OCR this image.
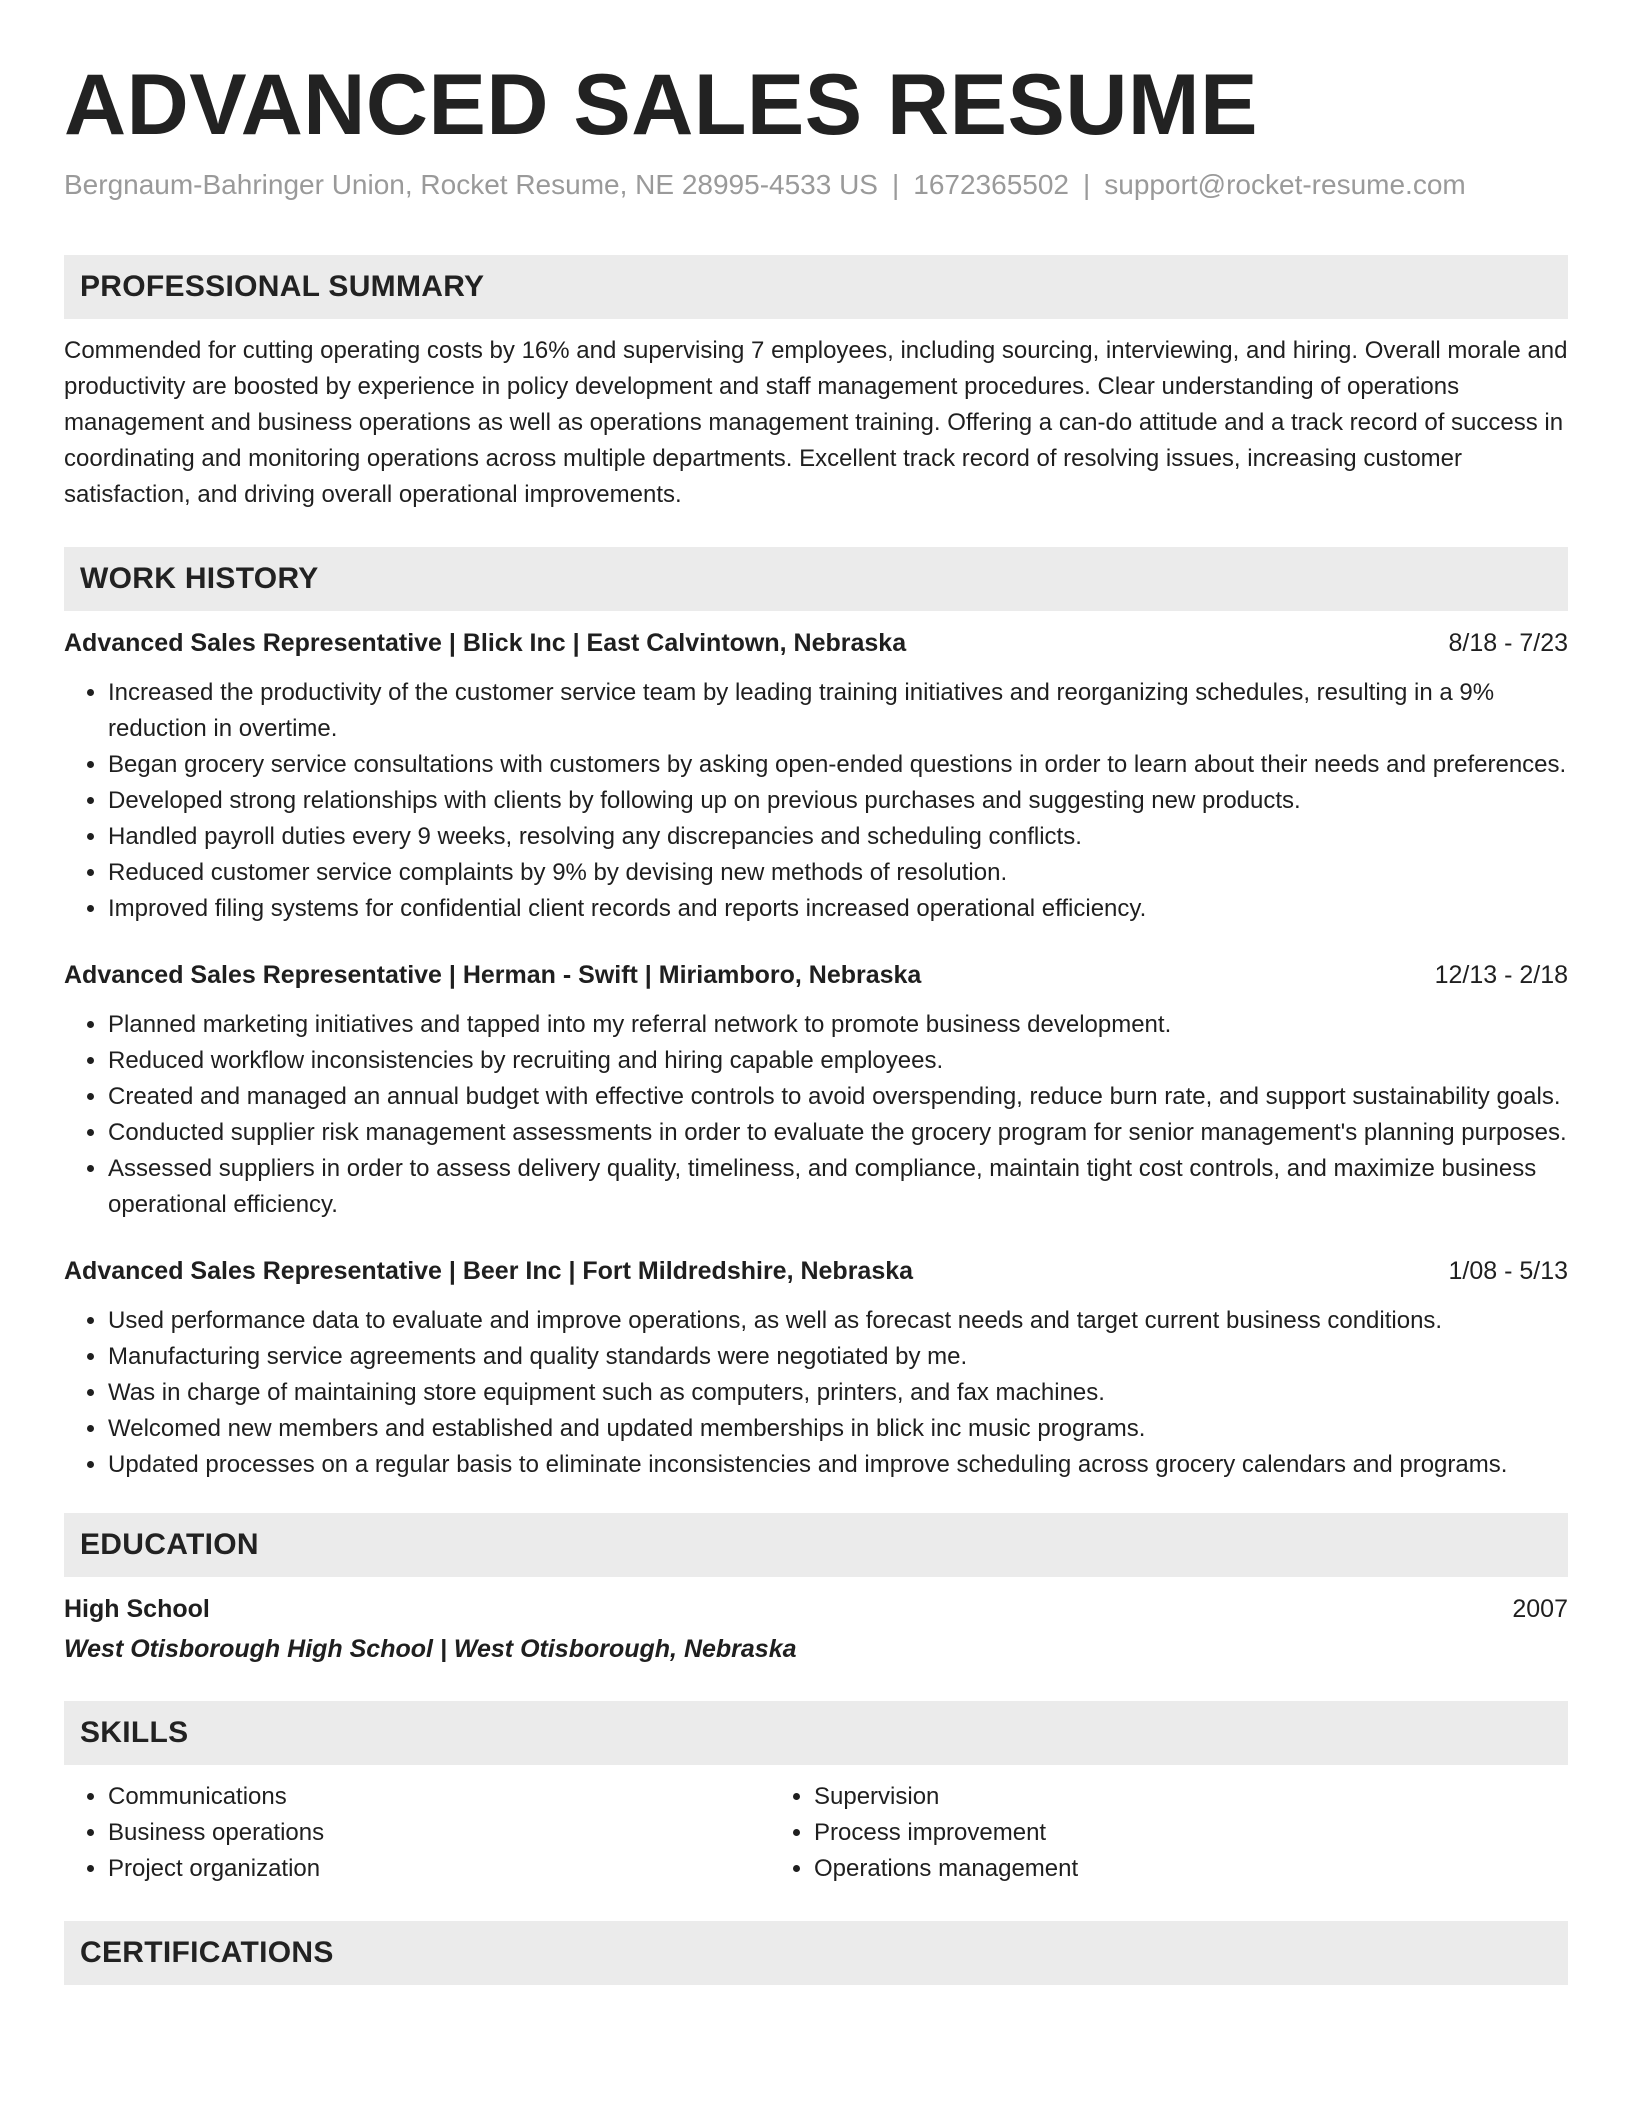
ADVANCED SALES RESUME
Bergnaum-Bahringer Union, Rocket Resume, NE 28995-4533 US | 1672365502 | support@rocket-resume.com
PROFESSIONAL SUMMARY

Commended for cutting operating costs by 16% and supervising 7 employees, including sourcing, interviewing, and hiring. Overall morale and productivity are boosted by experience in policy development and staff management procedures. Clear understanding of operations management and business operations as well as operations management training. Offering a can-do attitude and a track record of success in coordinating and monitoring operations across multiple departments. Excellent track record of resolving issues, increasing customer satisfaction, and driving overall operational improvements.

WORK HISTORY
Advanced Sales Representative | Blick Inc | East Calvintown, Nebraska	8/18 - 7/23
• Increased the productivity of the customer service team by leading training initiatives and reorganizing schedules, resulting in a 9% reduction in overtime.
• Began grocery service consultations with customers by asking open-ended questions in order to learn about their needs and preferences.
• Developed strong relationships with clients by following up on previous purchases and suggesting new products.
• Handled payroll duties every 9 weeks, resolving any discrepancies and scheduling conflicts.
• Reduced customer service complaints by 9% by devising new methods of resolution.
• Improved filing systems for confidential client records and reports increased operational efficiency.
Advanced Sales Representative | Herman - Swift | Miriamboro, Nebraska	12/13 - 2/18
• Planned marketing initiatives and tapped into my referral network to promote business development.
• Reduced workflow inconsistencies by recruiting and hiring capable employees.
• Created and managed an annual budget with effective controls to avoid overspending, reduce burn rate, and support sustainability goals.
• Conducted supplier risk management assessments in order to evaluate the grocery program for senior management's planning purposes.
• Assessed suppliers in order to assess delivery quality, timeliness, and compliance, maintain tight cost controls, and maximize business operational efficiency.
Advanced Sales Representative | Beer Inc | Fort Mildredshire, Nebraska	1/08 - 5/13
• Used performance data to evaluate and improve operations, as well as forecast needs and target current business conditions.
• Manufacturing service agreements and quality standards were negotiated by me.
• Was in charge of maintaining store equipment such as computers, printers, and fax machines.
• Welcomed new members and established and updated memberships in blick inc music programs.
• Updated processes on a regular basis to eliminate inconsistencies and improve scheduling across grocery calendars and programs.
EDUCATION
High School	2007
West Otisborough High School | West Otisborough, Nebraska
SKILLS
• Communications
• Business operations
• Project organization
• Supervision
• Process improvement
• Operations management
CERTIFICATIONS
